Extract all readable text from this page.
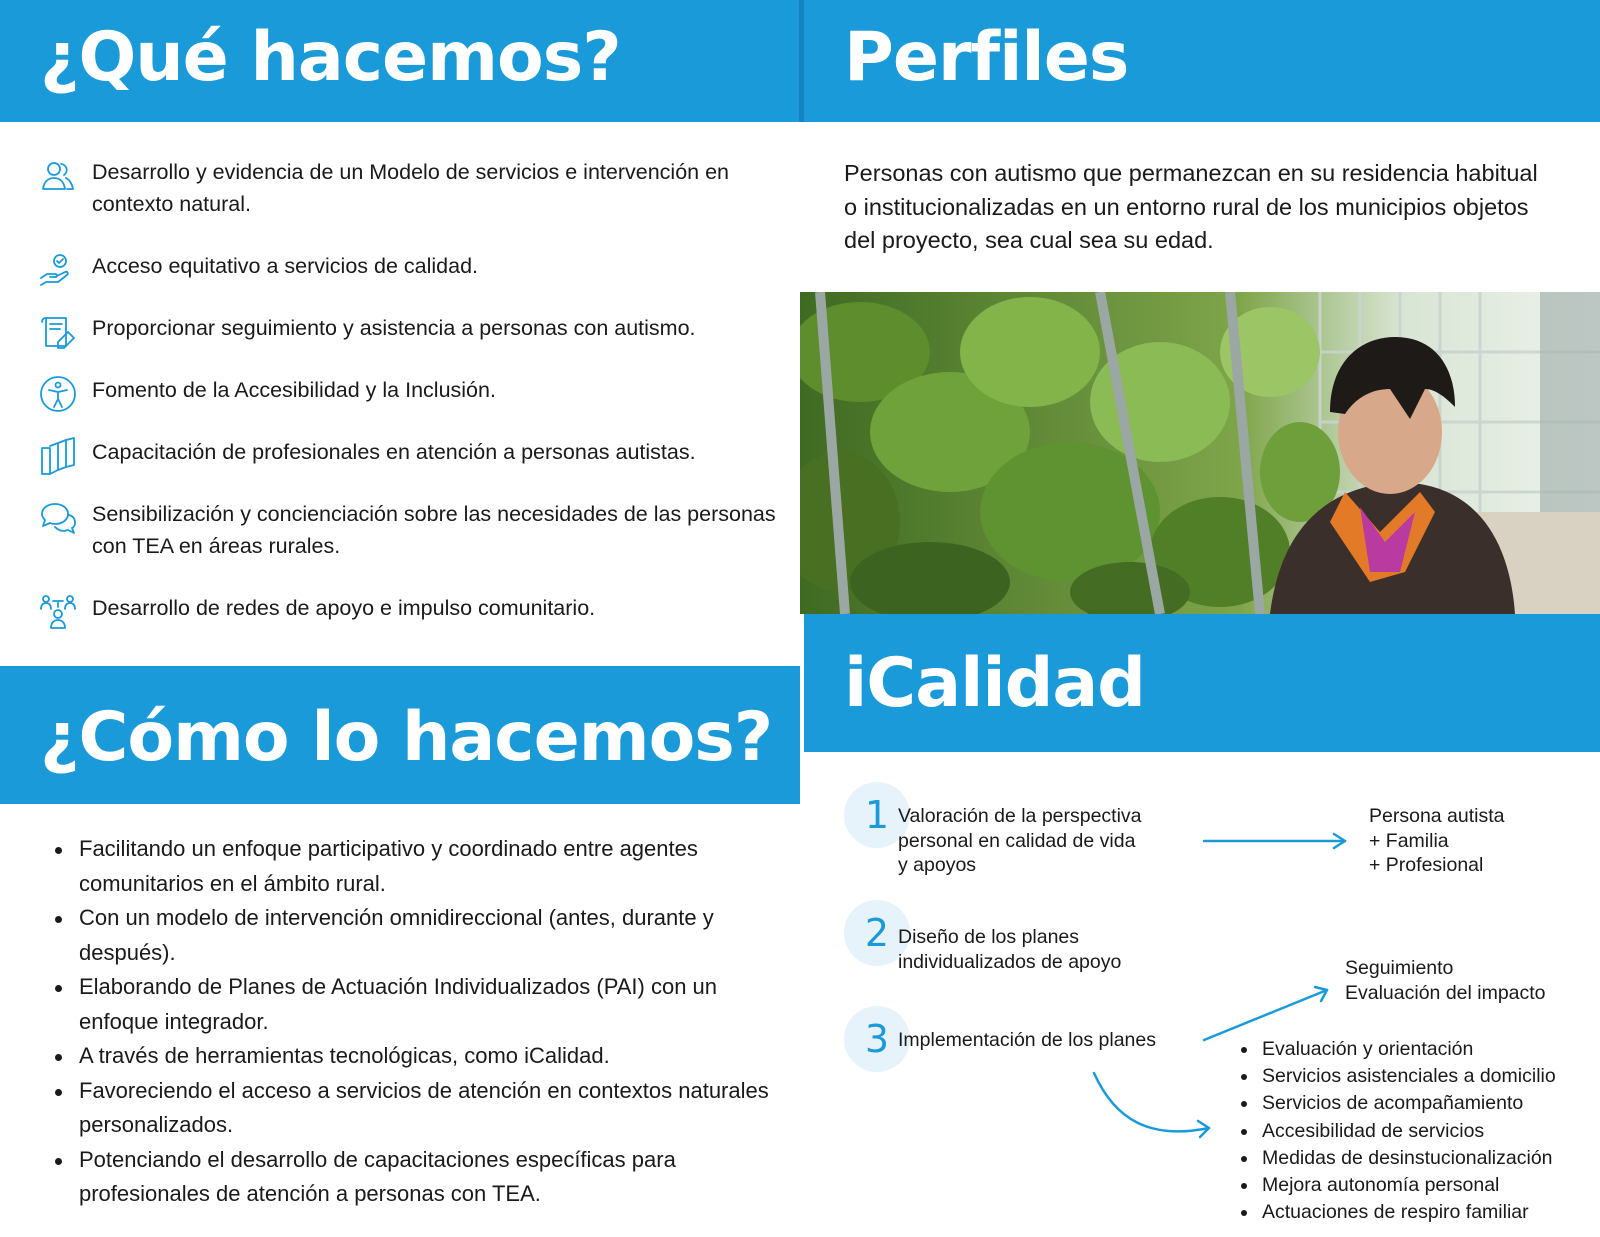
¿Qué hacemos?	Perfiles
Desarrollo y evidencia de un Modelo de servicios e intervención en contexto natural.
Acceso equitativo a servicios de calidad.
Proporcionar seguimiento y asistencia a personas con autismo.
Fomento de la Accesibilidad y la Inclusión.
Capacitación de profesionales en atención a personas autistas.
Sensibilización y concienciación sobre las necesidades de las personas con TEA en áreas rurales.
Desarrollo de redes de apoyo e impulso comunitario.
Personas con autismo que permanezcan en su residencia habitual o institucionalizadas en un entorno rural de los municipios objetos del proyecto, sea cual sea su edad.
¿Cómo lo hacemos?
iCalidad
Facilitando un enfoque participativo y coordinado entre agentes comunitarios en el ámbito rural.
Con un modelo de intervención omnidireccional (antes, durante y después).
Elaborando de Planes de Actuación Individualizados (PAI) con un enfoque integrador.
A través de herramientas tecnológicas, como iCalidad.
Favoreciendo el acceso a servicios de atención en contextos naturales personalizados.
Potenciando el desarrollo de capacitaciones específicas para profesionales de atención a personas con TEA.
1 Valoración de la perspectiva
personal en calidad de vida
y apoyos
Persona autista
+ Familia
+ Profesional
2 Diseño de los planes
individualizados de apoyo	Seguimiento
Evaluación del impacto
3 Implementación de los planes	Evaluación y orientación
Servicios asistenciales a domicilio
Servicios de acompañamiento
Accesibilidad de servicios
Medidas de desinstucionalización
Mejora autonomía personal
Actuaciones de respiro familiar
